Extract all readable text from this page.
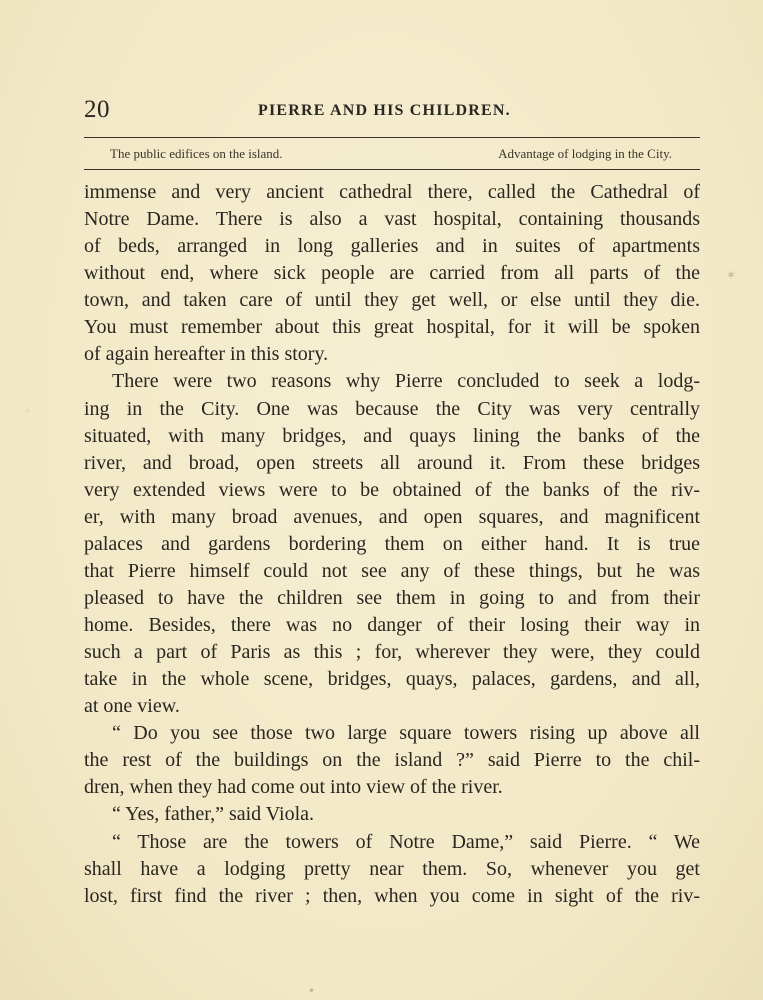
20	PIERRE AND HIS CHILDREN.
The public edifices on the island.	Advantage of lodging in the City.
immense and very ancient cathedral there, called the Cathedral of
Notre Dame. There is also a vast hospital, containing thousands
of beds, arranged in long galleries and in suites of apartments
without end, where sick people are carried from all parts of the
town, and taken care of until they get well, or else until they die.
You must remember about this great hospital, for it will be spoken
of again hereafter in this story.
There were two reasons why Pierre concluded to seek a lodg-
ing in the City. One was because the City was very centrally
situated, with many bridges, and quays lining the banks of the
river, and broad, open streets all around it. From these bridges
very extended views were to be obtained of the banks of the riv-
er, with many broad avenues, and open squares, and magnificent
palaces and gardens bordering them on either hand. It is true
that Pierre himself could not see any of these things, but he was
pleased to have the children see them in going to and from their
home. Besides, there was no danger of their losing their way in
such a part of Paris as this ; for, wherever they were, they could
take in the whole scene, bridges, quays, palaces, gardens, and all,
at one view.
“ Do you see those two large square towers rising up above all
the rest of the buildings on the island ?” said Pierre to the chil-
dren, when they had come out into view of the river.
“ Yes, father,” said Viola.
“ Those are the towers of Notre Dame,” said Pierre. “ We
shall have a lodging pretty near them. So, whenever you get
lost, first find the river ; then, when you come in sight of the riv-
✶
◦
•
